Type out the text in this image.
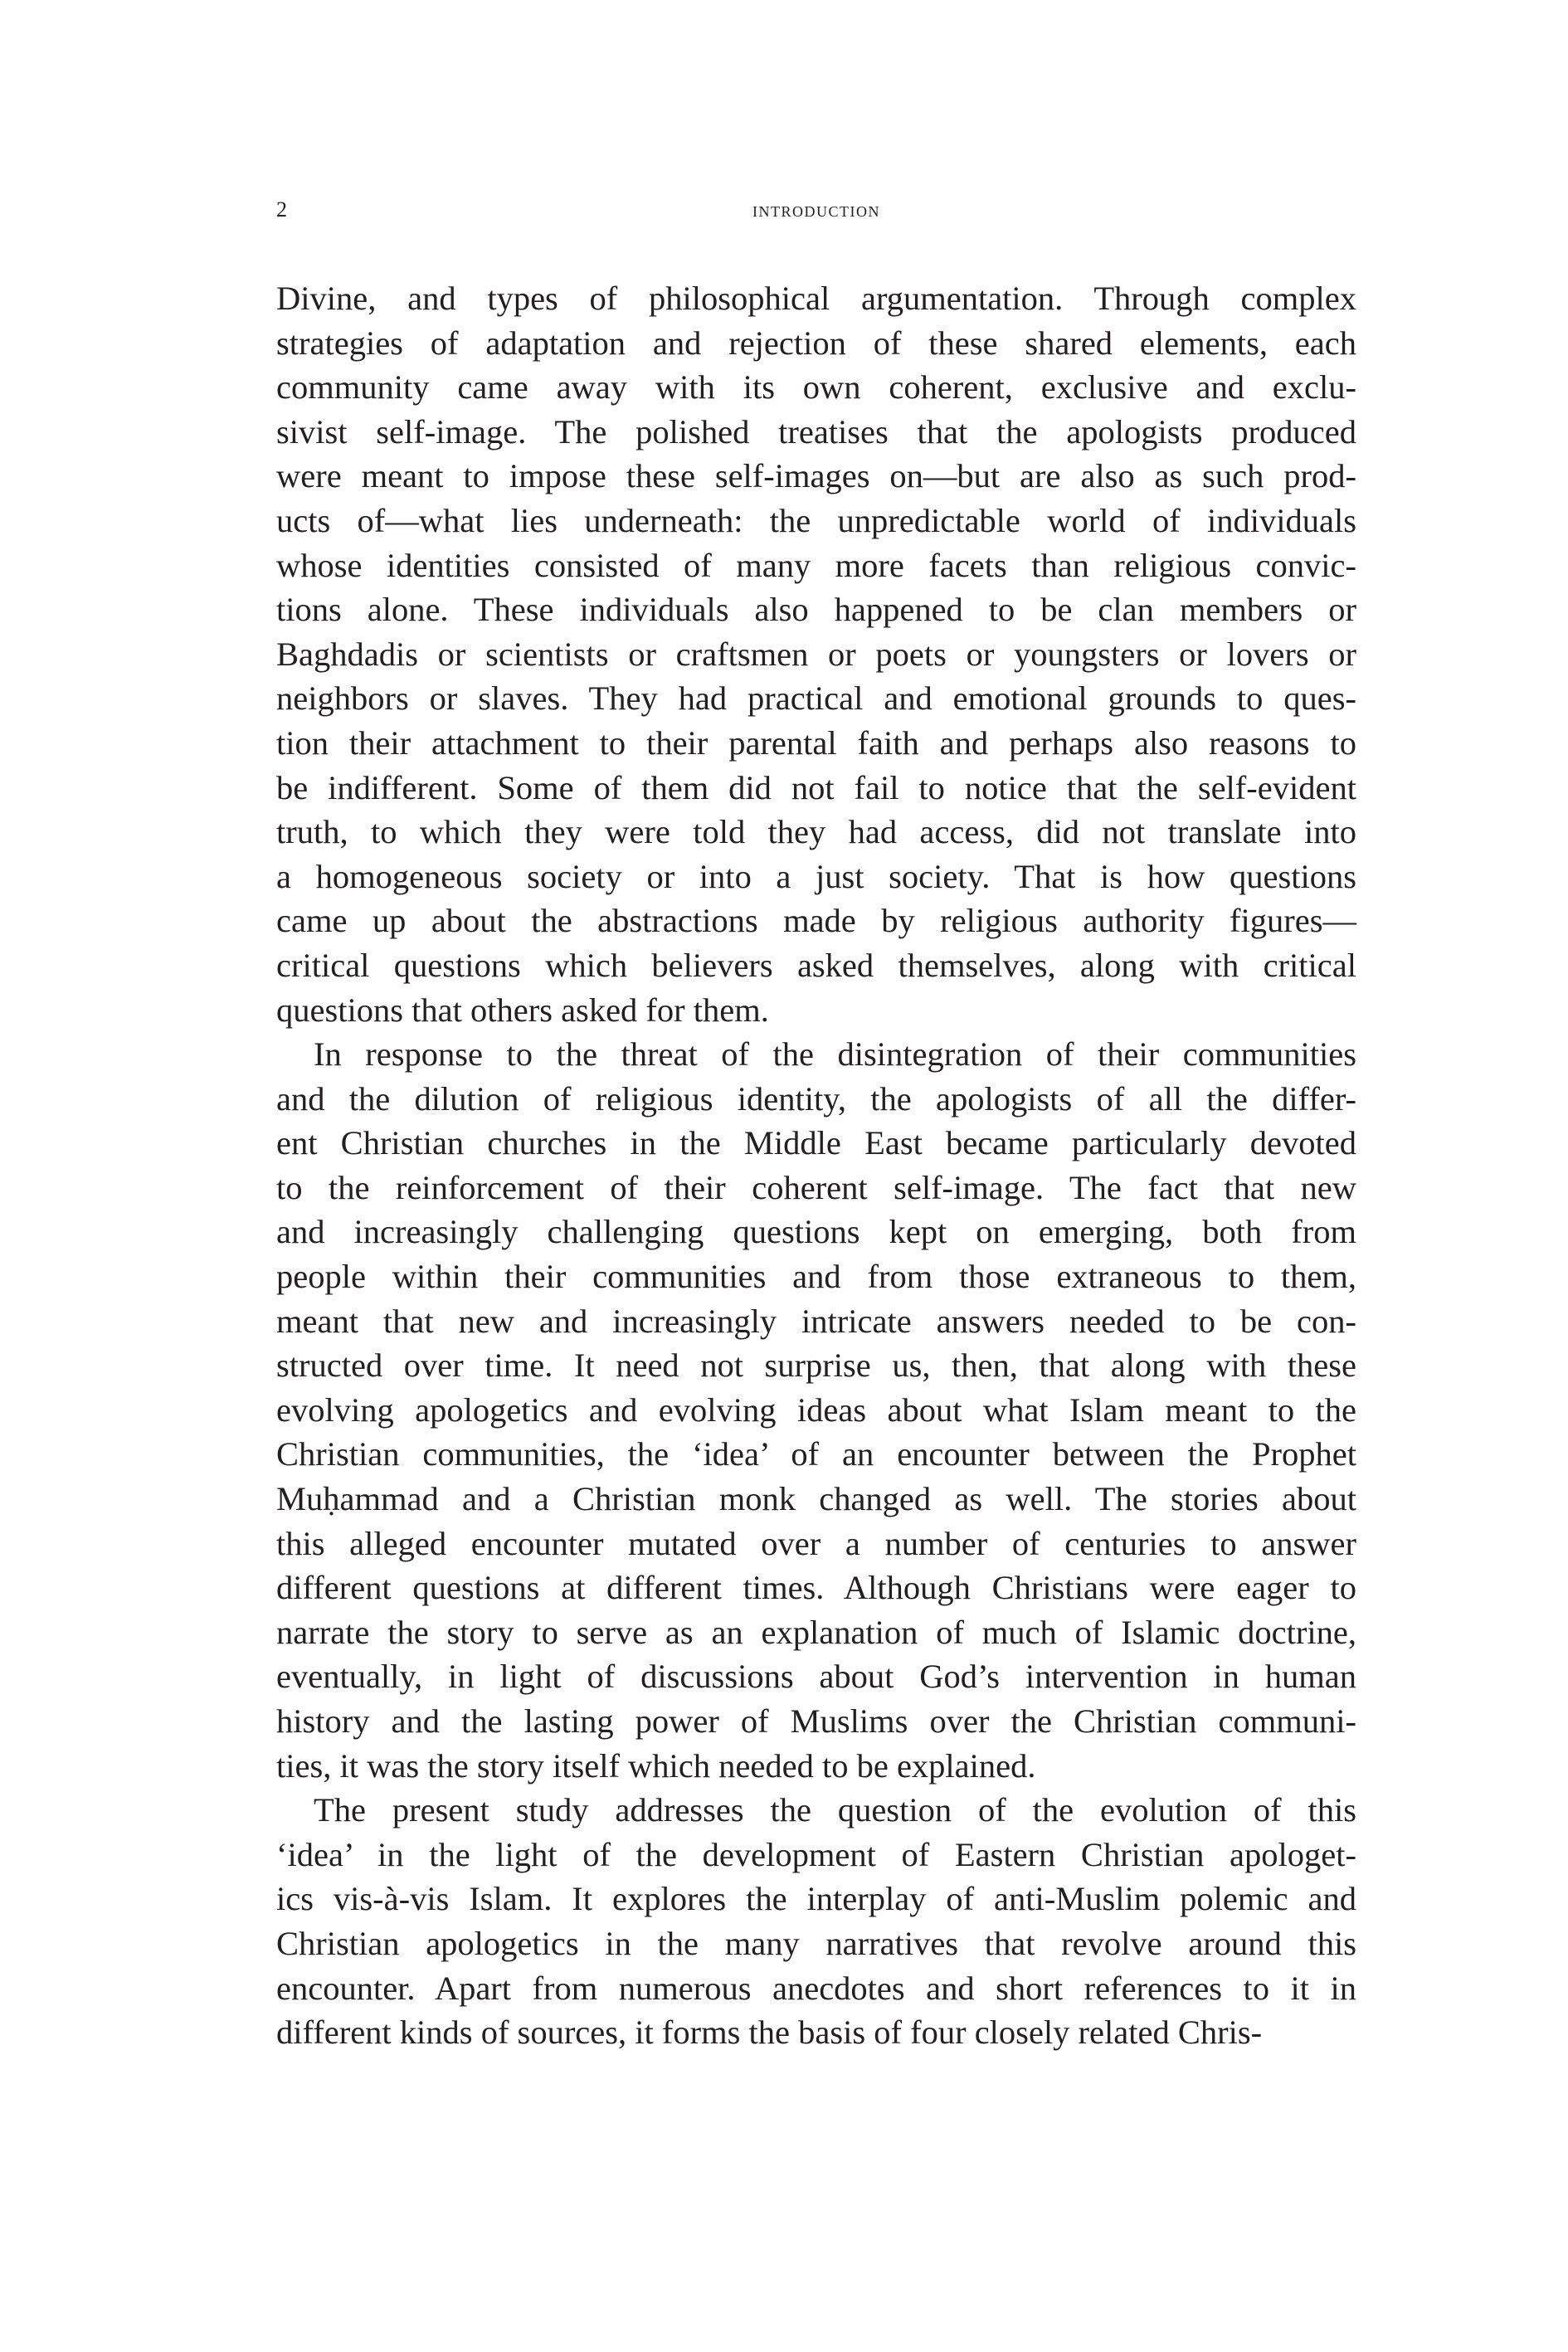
2	introduction
Divine, and types of philosophical argumentation. Through complex
strategies of adaptation and rejection of these shared elements, each
community came away with its own coherent, exclusive and exclu-
sivist self-image. The polished treatises that the apologists produced
were meant to impose these self-images on—but are also as such prod-
ucts of—what lies underneath: the unpredictable world of individuals
whose identities consisted of many more facets than religious convic-
tions alone. These individuals also happened to be clan members or
Baghdadis or scientists or craftsmen or poets or youngsters or lovers or
neighbors or slaves. They had practical and emotional grounds to ques-
tion their attachment to their parental faith and perhaps also reasons to
be indifferent. Some of them did not fail to notice that the self-evident
truth, to which they were told they had access, did not translate into
a homogeneous society or into a just society. That is how questions
came up about the abstractions made by religious authority figures—
critical questions which believers asked themselves, along with critical
questions that others asked for them.
In response to the threat of the disintegration of their communities
and the dilution of religious identity, the apologists of all the differ-
ent Christian churches in the Middle East became particularly devoted
to the reinforcement of their coherent self-image. The fact that new
and increasingly challenging questions kept on emerging, both from
people within their communities and from those extraneous to them,
meant that new and increasingly intricate answers needed to be con-
structed over time. It need not surprise us, then, that along with these
evolving apologetics and evolving ideas about what Islam meant to the
Christian communities, the ‘idea’ of an encounter between the Prophet
Muḥammad and a Christian monk changed as well. The stories about
this alleged encounter mutated over a number of centuries to answer
different questions at different times. Although Christians were eager to
narrate the story to serve as an explanation of much of Islamic doctrine,
eventually, in light of discussions about God’s intervention in human
history and the lasting power of Muslims over the Christian communi-
ties, it was the story itself which needed to be explained.
The present study addresses the question of the evolution of this
‘idea’ in the light of the development of Eastern Christian apologet-
ics vis-à-vis Islam. It explores the interplay of anti-Muslim polemic and
Christian apologetics in the many narratives that revolve around this
encounter. Apart from numerous anecdotes and short references to it in
different kinds of sources, it forms the basis of four closely related Chris-
